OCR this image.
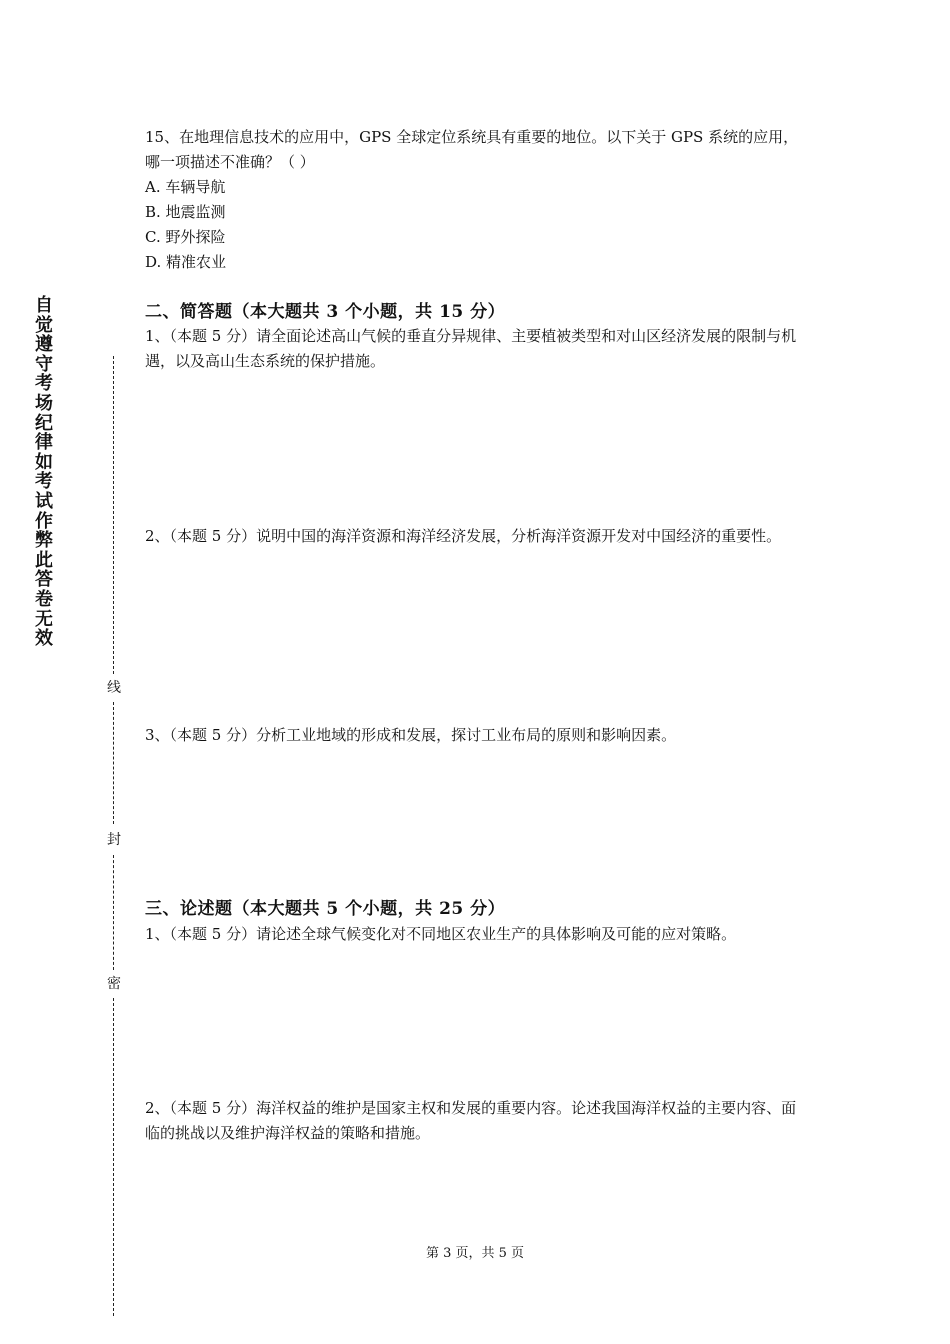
自
觉
遵
守
考
场
纪
律
如
考
试
作
弊
此
答
卷
无
效
线
封
密

15、在地理信息技术的应用中，GPS 全球定位系统具有重要的地位。以下关于 GPS 系统的应用，哪一项描述不准确？（ ）

A. 车辆导航

B. 地震监测

C. 野外探险

D. 精准农业

二、简答题（本大题共 3 个小题，共 15 分）

1、（本题 5 分）请全面论述高山气候的垂直分异规律、主要植被类型和对山区经济发展的限制与机遇，以及高山生态系统的保护措施。

2、（本题 5 分）说明中国的海洋资源和海洋经济发展，分析海洋资源开发对中国经济的重要性。

3、（本题 5 分）分析工业地域的形成和发展，探讨工业布局的原则和影响因素。

三、论述题（本大题共 5 个小题，共 25 分）

1、（本题 5 分）请论述全球气候变化对不同地区农业生产的具体影响及可能的应对策略。

2、（本题 5 分）海洋权益的维护是国家主权和发展的重要内容。论述我国海洋权益的主要内容、面临的挑战以及维护海洋权益的策略和措施。

第 3 页，共 5 页
